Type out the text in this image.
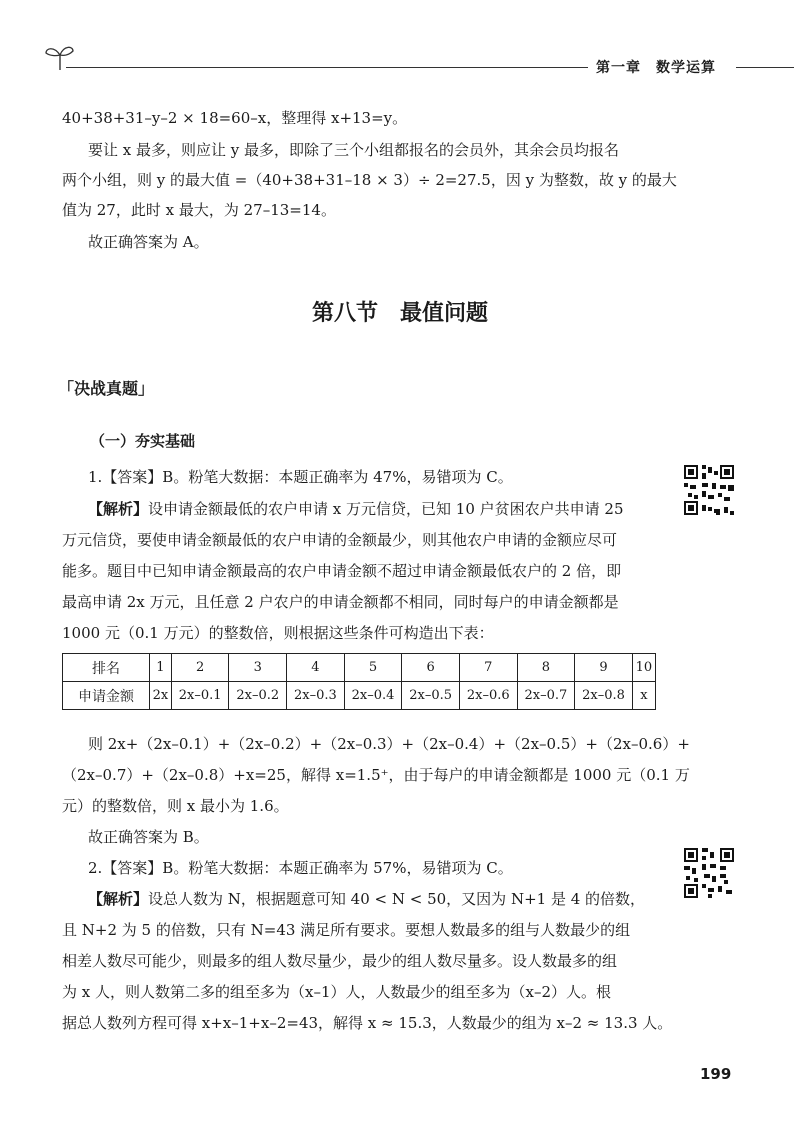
第一章　数学运算
40+38+31–y–2 × 18=60–x，整理得 x+13=y。
要让 x 最多，则应让 y 最多，即除了三个小组都报名的会员外，其余会员均报名
两个小组，则 y 的最大值 =（40+38+31–18 × 3）÷ 2=27.5，因 y 为整数，故 y 的最大
值为 27，此时 x 最大，为 27–13=14。
故正确答案为 A。
第八节　最值问题
「决战真题」
（一）夯实基础
1.【答案】B。粉笔大数据：本题正确率为 47%，易错项为 C。
【解析】设申请金额最低的农户申请 x 万元信贷，已知 10 户贫困农户共申请 25
万元信贷，要使申请金额最低的农户申请的金额最少，则其他农户申请的金额应尽可
能多。题目中已知申请金额最高的农户申请金额不超过申请金额最低农户的 2 倍，即
最高申请 2x 万元，且任意 2 户农户的申请金额都不相同，同时每户的申请金额都是
1000 元（0.1 万元）的整数倍，则根据这些条件可构造出下表：
排名	1	2	3	4	5	6	7	8	9	10
申请金额	2x	2x–0.1	2x–0.2	2x–0.3	2x–0.4	2x–0.5	2x–0.6	2x–0.7	2x–0.8	x
则 2x+（2x–0.1）+（2x–0.2）+（2x–0.3）+（2x–0.4）+（2x–0.5）+（2x–0.6）+
（2x–0.7）+（2x–0.8）+x=25，解得 x=1.5⁺，由于每户的申请金额都是 1000 元（0.1 万
元）的整数倍，则 x 最小为 1.6。
故正确答案为 B。
2.【答案】B。粉笔大数据：本题正确率为 57%，易错项为 C。
【解析】设总人数为 N，根据题意可知 40 < N < 50，又因为 N+1 是 4 的倍数，
且 N+2 为 5 的倍数，只有 N=43 满足所有要求。要想人数最多的组与人数最少的组
相差人数尽可能少，则最多的组人数尽量少，最少的组人数尽量多。设人数最多的组
为 x 人，则人数第二多的组至多为（x–1）人，人数最少的组至多为（x–2）人。根
据总人数列方程可得 x+x–1+x–2=43，解得 x ≈ 15.3，人数最少的组为 x–2 ≈ 13.3 人。
199
